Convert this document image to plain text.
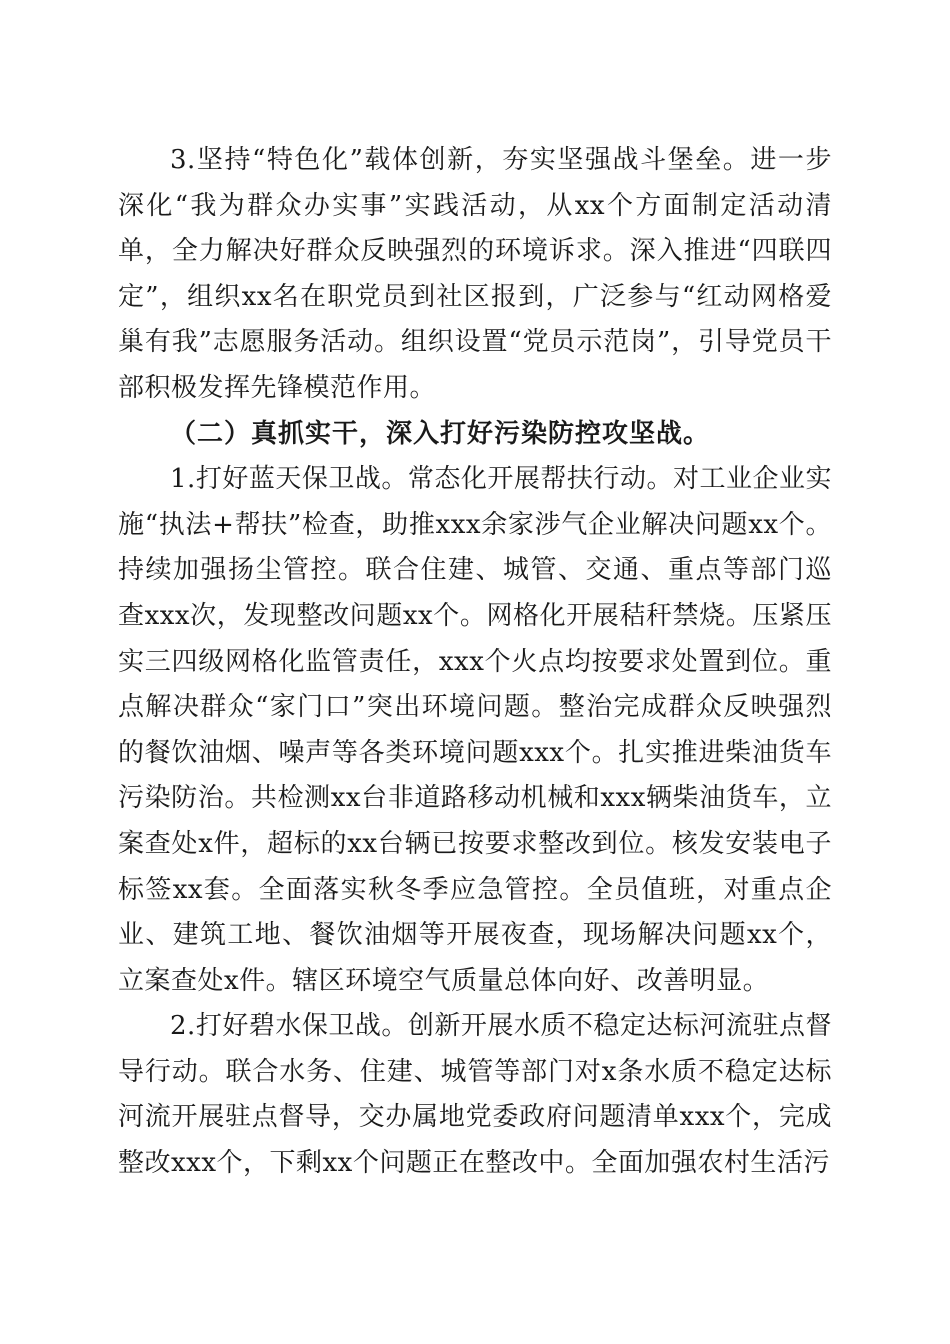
3.坚持“特色化”载体创新，夯实坚强战斗堡垒。进一步深化“我为群众办实事”实践活动，从xx个方面制定活动清单，全力解决好群众反映强烈的环境诉求。深入推进“四联四定”，组织xx名在职党员到社区报到，广泛参与“红动网格爱巢有我”志愿服务活动。组织设置“党员示范岗”，引导党员干部积极发挥先锋模范作用。

（二）真抓实干，深入打好污染防控攻坚战。

1.打好蓝天保卫战。常态化开展帮扶行动。对工业企业实施“执法+帮扶”检查，助推xxx余家涉气企业解决问题xx个。持续加强扬尘管控。联合住建、城管、交通、重点等部门巡查xxx次，发现整改问题xx个。网格化开展秸秆禁烧。压紧压实三四级网格化监管责任，xxx个火点均按要求处置到位。重点解决群众“家门口”突出环境问题。整治完成群众反映强烈的餐饮油烟、噪声等各类环境问题xxx个。扎实推进柴油货车污染防治。共检测xx台非道路移动机械和xxx辆柴油货车，立案查处x件，超标的xx台辆已按要求整改到位。核发安装电子标签xx套。全面落实秋冬季应急管控。全员值班，对重点企业、建筑工地、餐饮油烟等开展夜查，现场解决问题xx个，立案查处x件。辖区环境空气质量总体向好、改善明显。

2.打好碧水保卫战。创新开展水质不稳定达标河流驻点督导行动。联合水务、住建、城管等部门对x条水质不稳定达标河流开展驻点督导，交办属地党委政府问题清单xxx个，完成整改xxx个，下剩xx个问题正在整改中。全面加强农村生活污
